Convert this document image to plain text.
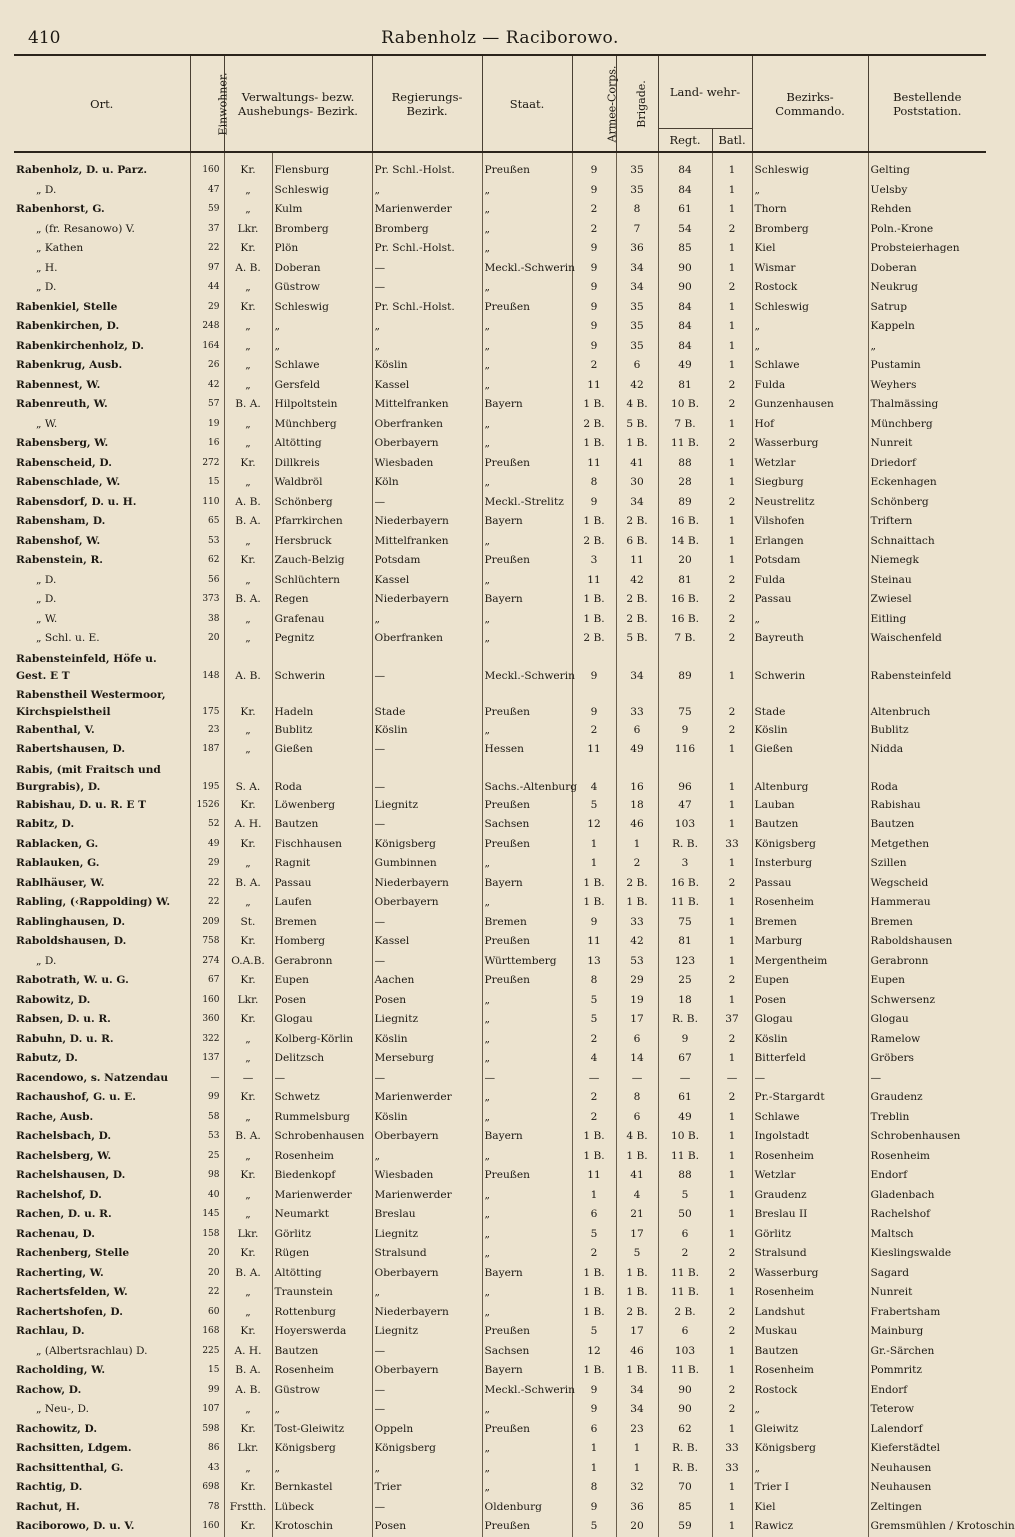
410	Rabenholz — Raciborowo.
Ort.	Einwohner.	Verwaltungs- bezw. Aushebungs- Bezirk.		Regierungs- Bezirk.	Staat.	Armee-Corps.	Brigade.	Land- wehr-		Bezirks- Commando.	Bestellende Poststation.
								Regt.	Batl.		

Rabenholz, D. u. Parz.	160	Kr.	Flensburg	Pr. Schl.-Holst.	Preußen	9	35	84	1	Schleswig	Gelting
„ D.	47	„	Schleswig	„	„	9	35	84	1	„	Uelsby
Rabenhorst, G.	59	„	Kulm	Marienwerder	„	2	8	61	1	Thorn	Rehden
„ (fr. Resanowo) V.	37	Lkr.	Bromberg	Bromberg	„	2	7	54	2	Bromberg	Poln.-Krone
„ Kathen	22	Kr.	Plön	Pr. Schl.-Holst.	„	9	36	85	1	Kiel	Probsteierhagen
„ H.	97	A. B.	Doberan	—	Meckl.-Schwerin	9	34	90	1	Wismar	Doberan
„ D.	44	„	Güstrow	—	„	9	34	90	2	Rostock	Neukrug
Rabenkiel, Stelle	29	Kr.	Schleswig	Pr. Schl.-Holst.	Preußen	9	35	84	1	Schleswig	Satrup
Rabenkirchen, D.	248	„	„	„	„	9	35	84	1	„	Kappeln
Rabenkirchenholz, D.	164	„	„	„	„	9	35	84	1	„	„
Rabenkrug, Ausb.	26	„	Schlawe	Köslin	„	2	6	49	1	Schlawe	Pustamin
Rabennest, W.	42	„	Gersfeld	Kassel	„	11	42	81	2	Fulda	Weyhers
Rabenreuth, W.	57	B. A.	Hilpoltstein	Mittelfranken	Bayern	1 B.	4 B.	10 B.	2	Gunzenhausen	Thalmässing
„ W.	19	„	Münchberg	Oberfranken	„	2 B.	5 B.	7 B.	1	Hof	Münchberg
Rabensberg, W.	16	„	Altötting	Oberbayern	„	1 B.	1 B.	11 B.	2	Wasserburg	Nunreit
Rabenscheid, D.	272	Kr.	Dillkreis	Wiesbaden	Preußen	11	41	88	1	Wetzlar	Driedorf
Rabenschlade, W.	15	„	Waldbröl	Köln	„	8	30	28	1	Siegburg	Eckenhagen
Rabensdorf, D. u. H.	110	A. B.	Schönberg	—	Meckl.-Strelitz	9	34	89	2	Neustrelitz	Schönberg
Rabensham, D.	65	B. A.	Pfarrkirchen	Niederbayern	Bayern	1 B.	2 B.	16 B.	1	Vilshofen	Triftern
Rabenshof, W.	53	„	Hersbruck	Mittelfranken	„	2 B.	6 B.	14 B.	1	Erlangen	Schnaittach
Rabenstein, R.	62	Kr.	Zauch-Belzig	Potsdam	Preußen	3	11	20	1	Potsdam	Niemegk
„ D.	56	„	Schlüchtern	Kassel	„	11	42	81	2	Fulda	Steinau
„ D.	373	B. A.	Regen	Niederbayern	Bayern	1 B.	2 B.	16 B.	2	Passau	Zwiesel
„ W.	38	„	Grafenau	„	„	1 B.	2 B.	16 B.	2	„	Eitling
„ Schl. u. E.	20	„	Pegnitz	Oberfranken	„	2 B.	5 B.	7 B.	2	Bayreuth	Waischenfeld
Rabensteinfeld, Höfe u. Gest. E T	148	A. B.	Schwerin	—	Meckl.-Schwerin	9	34	89	1	Schwerin	Rabensteinfeld
Rabenstheil Westermoor, Kirchspielstheil	175	Kr.	Hadeln	Stade	Preußen	9	33	75	2	Stade	Altenbruch
Rabenthal, V.	23	„	Bublitz	Köslin	„	2	6	9	2	Köslin	Bublitz
Rabertshausen, D.	187	„	Gießen	—	Hessen	11	49	116	1	Gießen	Nidda
Rabis, (mit Fraitsch und Burgrabis), D.	195	S. A.	Roda	—	Sachs.-Altenburg	4	16	96	1	Altenburg	Roda
Rabishau, D. u. R. E T	1526	Kr.	Löwenberg	Liegnitz	Preußen	5	18	47	1	Lauban	Rabishau
Rabitz, D.	52	A. H.	Bautzen	—	Sachsen	12	46	103	1	Bautzen	Bautzen
Rablacken, G.	49	Kr.	Fischhausen	Königsberg	Preußen	1	1	R. B.	33	Königsberg	Metgethen
Rablauken, G.	29	„	Ragnit	Gumbinnen	„	1	2	3	1	Insterburg	Szillen
Rablhäuser, W.	22	B. A.	Passau	Niederbayern	Bayern	1 B.	2 B.	16 B.	2	Passau	Wegscheid
Rabling, (‹Rappolding) W.	22	„	Laufen	Oberbayern	„	1 B.	1 B.	11 B.	1	Rosenheim	Hammerau
Rablinghausen, D.	209	St.	Bremen	—	Bremen	9	33	75	1	Bremen	Bremen
Raboldshausen, D.	758	Kr.	Homberg	Kassel	Preußen	11	42	81	1	Marburg	Raboldshausen
„ D.	274	O.A.B.	Gerabronn	—	Württemberg	13	53	123	1	Mergentheim	Gerabronn
Rabotrath, W. u. G.	67	Kr.	Eupen	Aachen	Preußen	8	29	25	2	Eupen	Eupen
Rabowitz, D.	160	Lkr.	Posen	Posen	„	5	19	18	1	Posen	Schwersenz
Rabsen, D. u. R.	360	Kr.	Glogau	Liegnitz	„	5	17	R. B.	37	Glogau	Glogau
Rabuhn, D. u. R.	322	„	Kolberg-Körlin	Köslin	„	2	6	9	2	Köslin	Ramelow
Rabutz, D.	137	„	Delitzsch	Merseburg	„	4	14	67	1	Bitterfeld	Gröbers
Racendowo, s. Natzendau	—	—	—	—	—	—	—	—	—	—	—
Rachaushof, G. u. E.	99	Kr.	Schwetz	Marienwerder	„	2	8	61	2	Pr.-Stargardt	Graudenz
Rache, Ausb.	58	„	Rummelsburg	Köslin	„	2	6	49	1	Schlawe	Treblin
Rachelsbach, D.	53	B. A.	Schrobenhausen	Oberbayern	Bayern	1 B.	4 B.	10 B.	1	Ingolstadt	Schrobenhausen
Rachelsberg, W.	25	„	Rosenheim	„	„	1 B.	1 B.	11 B.	1	Rosenheim	Rosenheim
Rachelshausen, D.	98	Kr.	Biedenkopf	Wiesbaden	Preußen	11	41	88	1	Wetzlar	Endorf
Rachelshof, D.	40	„	Marienwerder	Marienwerder	„	1	4	5	1	Graudenz	Gladenbach
Rachen, D. u. R.	145	„	Neumarkt	Breslau	„	6	21	50	1	Breslau II	Rachelshof
Rachenau, D.	158	Lkr.	Görlitz	Liegnitz	„	5	17	6	1	Görlitz	Maltsch
Rachenberg, Stelle	20	Kr.	Rügen	Stralsund	„	2	5	2	2	Stralsund	Kieslingswalde
Racherting, W.	20	B. A.	Altötting	Oberbayern	Bayern	1 B.	1 B.	11 B.	2	Wasserburg	Sagard
Rachertsfelden, W.	22	„	Traunstein	„	„	1 B.	1 B.	11 B.	1	Rosenheim	Nunreit
Rachertshofen, D.	60	„	Rottenburg	Niederbayern	„	1 B.	2 B.	2 B.	2	Landshut	Frabertsham
Rachlau, D.	168	Kr.	Hoyerswerda	Liegnitz	Preußen	5	17	6	2	Muskau	Mainburg
„ (Albertsrachlau) D.	225	A. H.	Bautzen	—	Sachsen	12	46	103	1	Bautzen	Gr.-Särchen
Racholding, W.	15	B. A.	Rosenheim	Oberbayern	Bayern	1 B.	1 B.	11 B.	1	Rosenheim	Pommritz
Rachow, D.	99	A. B.	Güstrow	—	Meckl.-Schwerin	9	34	90	2	Rostock	Endorf
„ Neu-, D.	107	„	„	—	„	9	34	90	2	„	Teterow
Rachowitz, D.	598	Kr.	Tost-Gleiwitz	Oppeln	Preußen	6	23	62	1	Gleiwitz	Lalendorf
Rachsitten, Ldgem.	86	Lkr.	Königsberg	Königsberg	„	1	1	R. B.	33	Königsberg	Kieferstädtel
Rachsittenthal, G.	43	„	„	„	„	1	1	R. B.	33	„	Neuhausen
Rachtig, D.	698	Kr.	Bernkastel	Trier	„	8	32	70	1	Trier I	Neuhausen
Rachut, H.	78	Frstth.	Lübeck	—	Oldenburg	9	36	85	1	Kiel	Zeltingen
Raciborowo, D. u. V.	160	Kr.	Krotoschin	Posen	Preußen	5	20	59	1	Rawicz	Gremsmühlen / Krotoschin
